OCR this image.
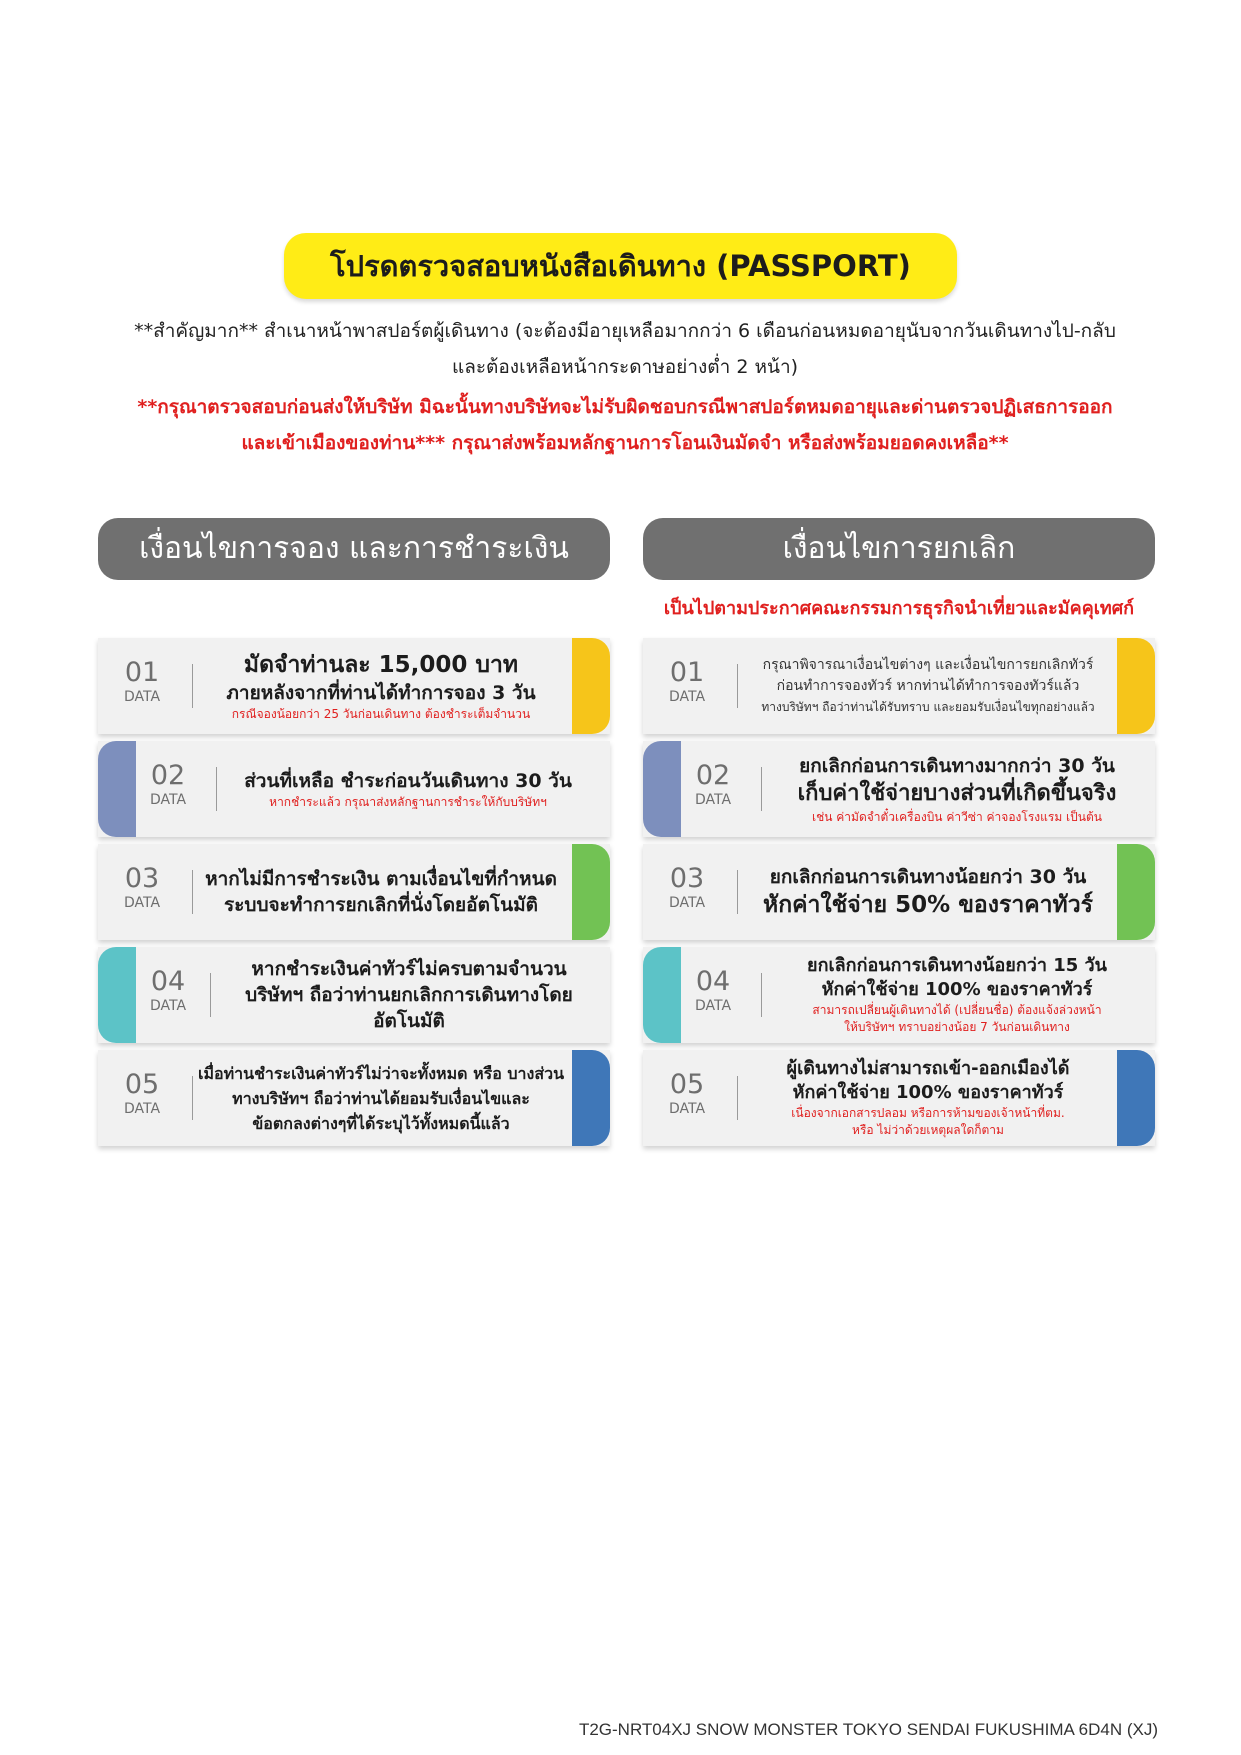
โปรดตรวจสอบหนังสือเดินทาง (PASSPORT)
**สำคัญมาก** สำเนาหน้าพาสปอร์ตผู้เดินทาง (จะต้องมีอายุเหลือมากกว่า 6 เดือนก่อนหมดอายุนับจากวันเดินทางไป-กลับ
และต้องเหลือหน้ากระดาษอย่างต่ำ 2 หน้า)
**กรุณาตรวจสอบก่อนส่งให้บริษัท มิฉะนั้นทางบริษัทจะไม่รับผิดชอบกรณีพาสปอร์ตหมดอายุและด่านตรวจปฏิเสธการออก
และเข้าเมืองของท่าน*** กรุณาส่งพร้อมหลักฐานการโอนเงินมัดจำ หรือส่งพร้อมยอดคงเหลือ**
เงื่อนไขการจอง และการชำระเงิน
01
DATA
มัดจำท่านละ 15,000 บาท
ภายหลังจากที่ท่านได้ทำการจอง 3 วัน
กรณีจองน้อยกว่า 25 วันก่อนเดินทาง ต้องชำระเต็มจำนวน
02
DATA
ส่วนที่เหลือ ชำระก่อนวันเดินทาง 30 วัน
หากชำระแล้ว กรุณาส่งหลักฐานการชำระให้กับบริษัทฯ
03
DATA
หากไม่มีการชำระเงิน ตามเงื่อนไขที่กำหนด
ระบบจะทำการยกเลิกที่นั่งโดยอัตโนมัติ
04
DATA
หากชำระเงินค่าทัวร์ไม่ครบตามจำนวน
บริษัทฯ ถือว่าท่านยกเลิกการเดินทางโดยอัตโนมัติ
05
DATA
เมื่อท่านชำระเงินค่าทัวร์ไม่ว่าจะทั้งหมด หรือ บางส่วน
ทางบริษัทฯ ถือว่าท่านได้ยอมรับเงื่อนไขและ
ข้อตกลงต่างๆที่ได้ระบุไว้ทั้งหมดนี้แล้ว
เงื่อนไขการยกเลิก
เป็นไปตามประกาศคณะกรรมการธุรกิจนำเที่ยวและมัคคุเทศก์
01
DATA
กรุณาพิจารณาเงื่อนไขต่างๆ และเงื่อนไขการยกเลิกทัวร์
ก่อนทำการจองทัวร์ หากท่านได้ทำการจองทัวร์แล้ว
ทางบริษัทฯ ถือว่าท่านได้รับทราบ และยอมรับเงื่อนไขทุกอย่างแล้ว
02
DATA
ยกเลิกก่อนการเดินทางมากกว่า 30 วัน
เก็บค่าใช้จ่ายบางส่วนที่เกิดขึ้นจริง
เช่น ค่ามัดจำตั๋วเครื่องบิน ค่าวีซ่า ค่าจองโรงแรม เป็นต้น
03
DATA
ยกเลิกก่อนการเดินทางน้อยกว่า 30 วัน
หักค่าใช้จ่าย 50% ของราคาทัวร์
04
DATA
ยกเลิกก่อนการเดินทางน้อยกว่า 15 วัน
หักค่าใช้จ่าย 100% ของราคาทัวร์
สามารถเปลี่ยนผู้เดินทางได้ (เปลี่ยนชื่อ) ต้องแจ้งล่วงหน้า
ให้บริษัทฯ ทราบอย่างน้อย 7 วันก่อนเดินทาง
05
DATA
ผู้เดินทางไม่สามารถเข้า-ออกเมืองได้
หักค่าใช้จ่าย 100% ของราคาทัวร์
เนื่องจากเอกสารปลอม หรือการห้ามของเจ้าหน้าที่ตม.
หรือ ไม่ว่าด้วยเหตุผลใดก็ตาม
T2G-NRT04XJ SNOW MONSTER TOKYO SENDAI FUKUSHIMA 6D4N (XJ)
